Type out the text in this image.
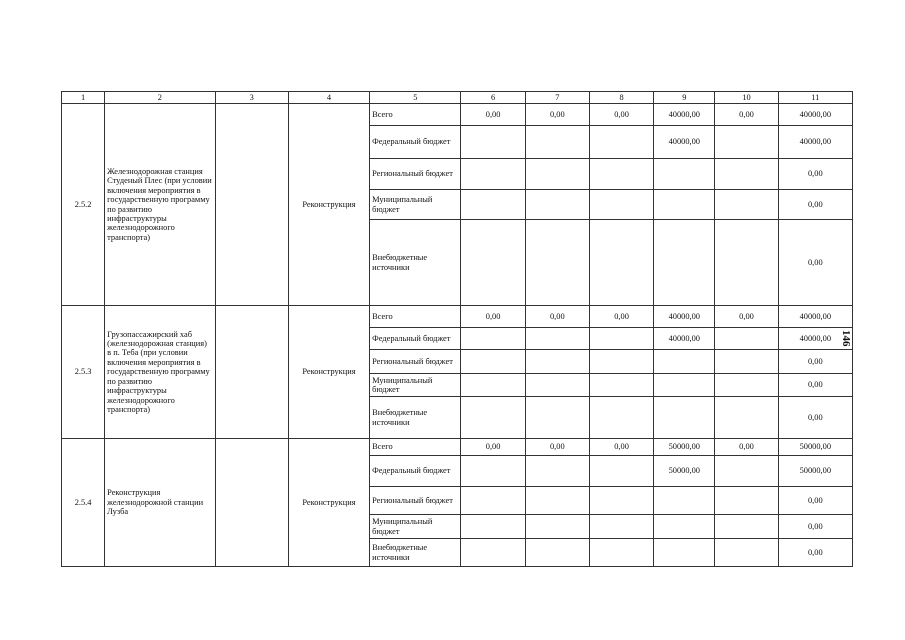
1	2	3	4	5	6	7	8	9	10	11
2.5.2	Железнодорожная станция Студеный Плес (при условии включения мероприятия в государственную программу по развитию инфраструктуры железнодорожного транспорта)		Реконструкция	Всего	0,00	0,00	0,00	40000,00	0,00	40000,00
				Федеральный бюджет				40000,00		40000,00
				Региональный бюджет						0,00
				Муниципальный бюджет						0,00
				Внебюджетные источники						0,00
2.5.3	Грузопассажирский хаб (железнодорожная станция) в п. Теба (при условии включения мероприятия в государственную программу по развитию инфраструктуры железнодорожного транспорта)		Реконструкция	Всего	0,00	0,00	0,00	40000,00	0,00	40000,00
				Федеральный бюджет				40000,00		40000,00
				Региональный бюджет						0,00
				Муниципальный бюджет						0,00
				Внебюджетные источники						0,00
2.5.4	Реконструкция железнодорожной станции Лузба		Реконструкция	Всего	0,00	0,00	0,00	50000,00	0,00	50000,00
				Федеральный бюджет				50000,00		50000,00
				Региональный бюджет						0,00
				Муниципальный бюджет						0,00
				Внебюджетные источники						0,00
146
